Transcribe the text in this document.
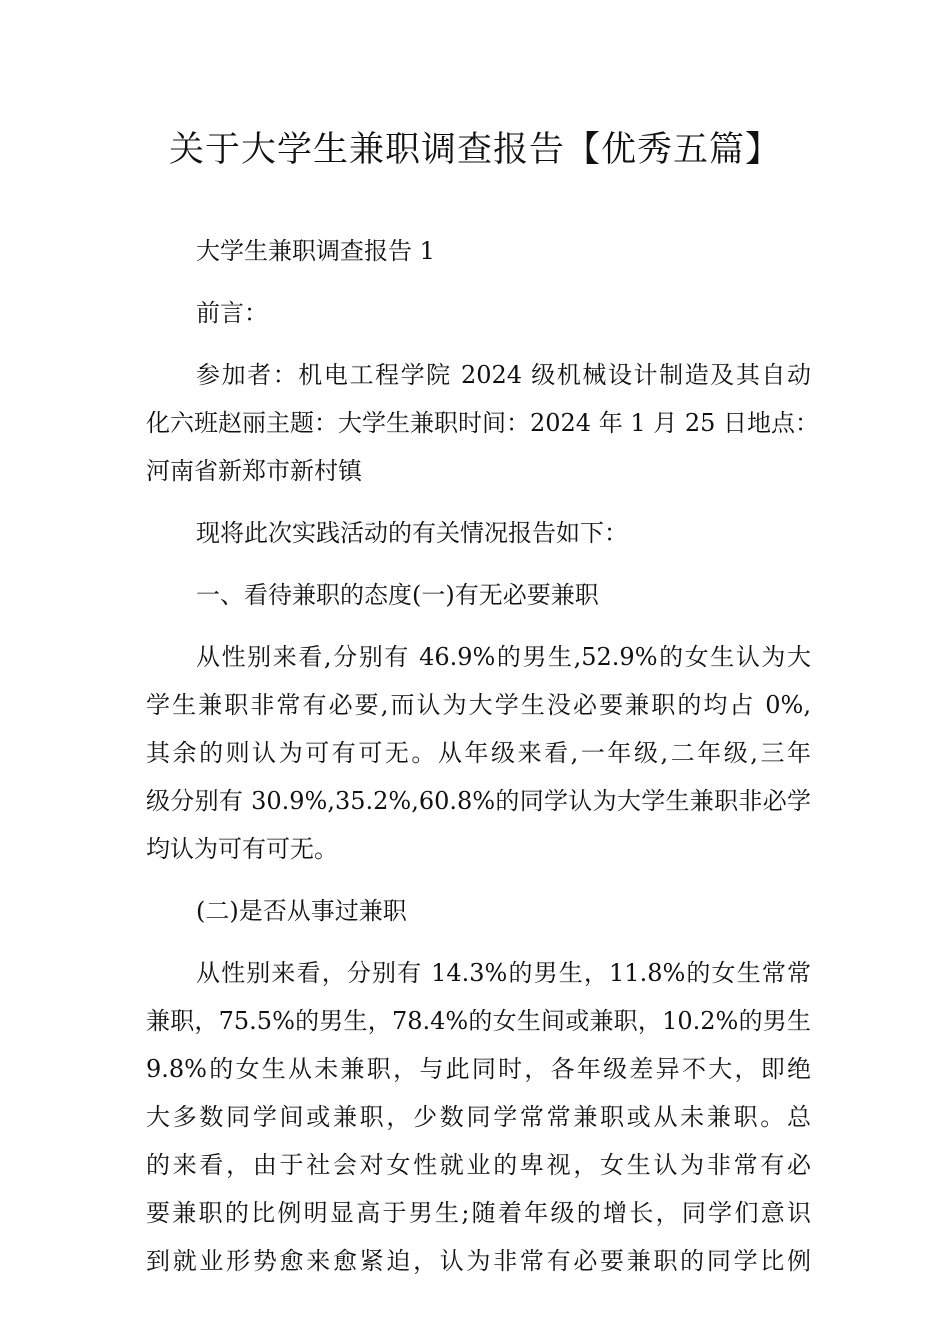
关于大学生兼职调查报告【优秀五篇】

大学生兼职调查报告 1

前言：

参加者：机电工程学院 2024 级机械设计制造及其自动
化六班赵丽主题：大学生兼职时间：2024 年 1 月 25 日地点：
河南省新郑市新村镇

现将此次实践活动的有关情况报告如下：

一、看待兼职的态度(一)有无必要兼职

从性别来看,分别有 46.9%的男生,52.9%的女生认为大
学生兼职非常有必要,而认为大学生没必要兼职的均占 0%,
其余的则认为可有可无。从年级来看,一年级,二年级,三年
级分别有 30.9%,35.2%,60.8%的同学认为大学生兼职非必学
均认为可有可无。

(二)是否从事过兼职

从性别来看，分别有 14.3%的男生，11.8%的女生常常
兼职，75.5%的男生，78.4%的女生间或兼职，10.2%的男生
9.8%的女生从未兼职，与此同时，各年级差异不大，即绝
大多数同学间或兼职，少数同学常常兼职或从未兼职。总
的来看，由于社会对女性就业的卑视，女生认为非常有必
要兼职的比例明显高于男生;随着年级的增长，同学们意识
到就业形势愈来愈紧迫，认为非常有必要兼职的同学比例
